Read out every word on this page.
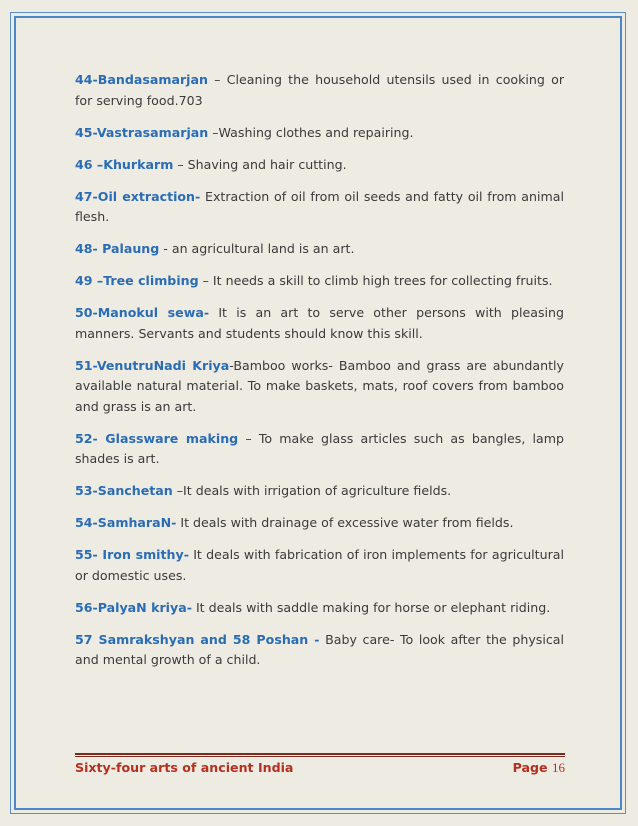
44-Bandasamarjan – Cleaning the household utensils used in cooking or for serving food.703

45-Vastrasamarjan –Washing clothes and repairing.

46 –Khurkarm – Shaving and hair cutting.

47-Oil extraction- Extraction of oil from oil seeds and fatty oil from animal flesh.

48- Palaung - an agricultural land is an art.

49 –Tree climbing – It needs a skill to climb high trees for collecting fruits.

50-Manokul sewa- It is an art to serve other persons with pleasing manners. Servants and students should know this skill.

51-VenutruNadi Kriya-Bamboo works- Bamboo and grass are abundantly available natural material. To make baskets, mats, roof covers from bamboo and grass is an art.

52- Glassware making – To make glass articles such as bangles, lamp shades is art.

53-Sanchetan –It deals with irrigation of agriculture fields.

54-SamharaN- It deals with drainage of excessive water from fields.

55- Iron smithy- It deals with fabrication of iron implements for agricultural or domestic uses.

56-PalyaN kriya- It deals with saddle making for horse or elephant riding.

57 Samrakshyan and 58 Poshan - Baby care- To look after the physical and mental growth of a child.

Sixty-four arts of ancient India	Page 16
